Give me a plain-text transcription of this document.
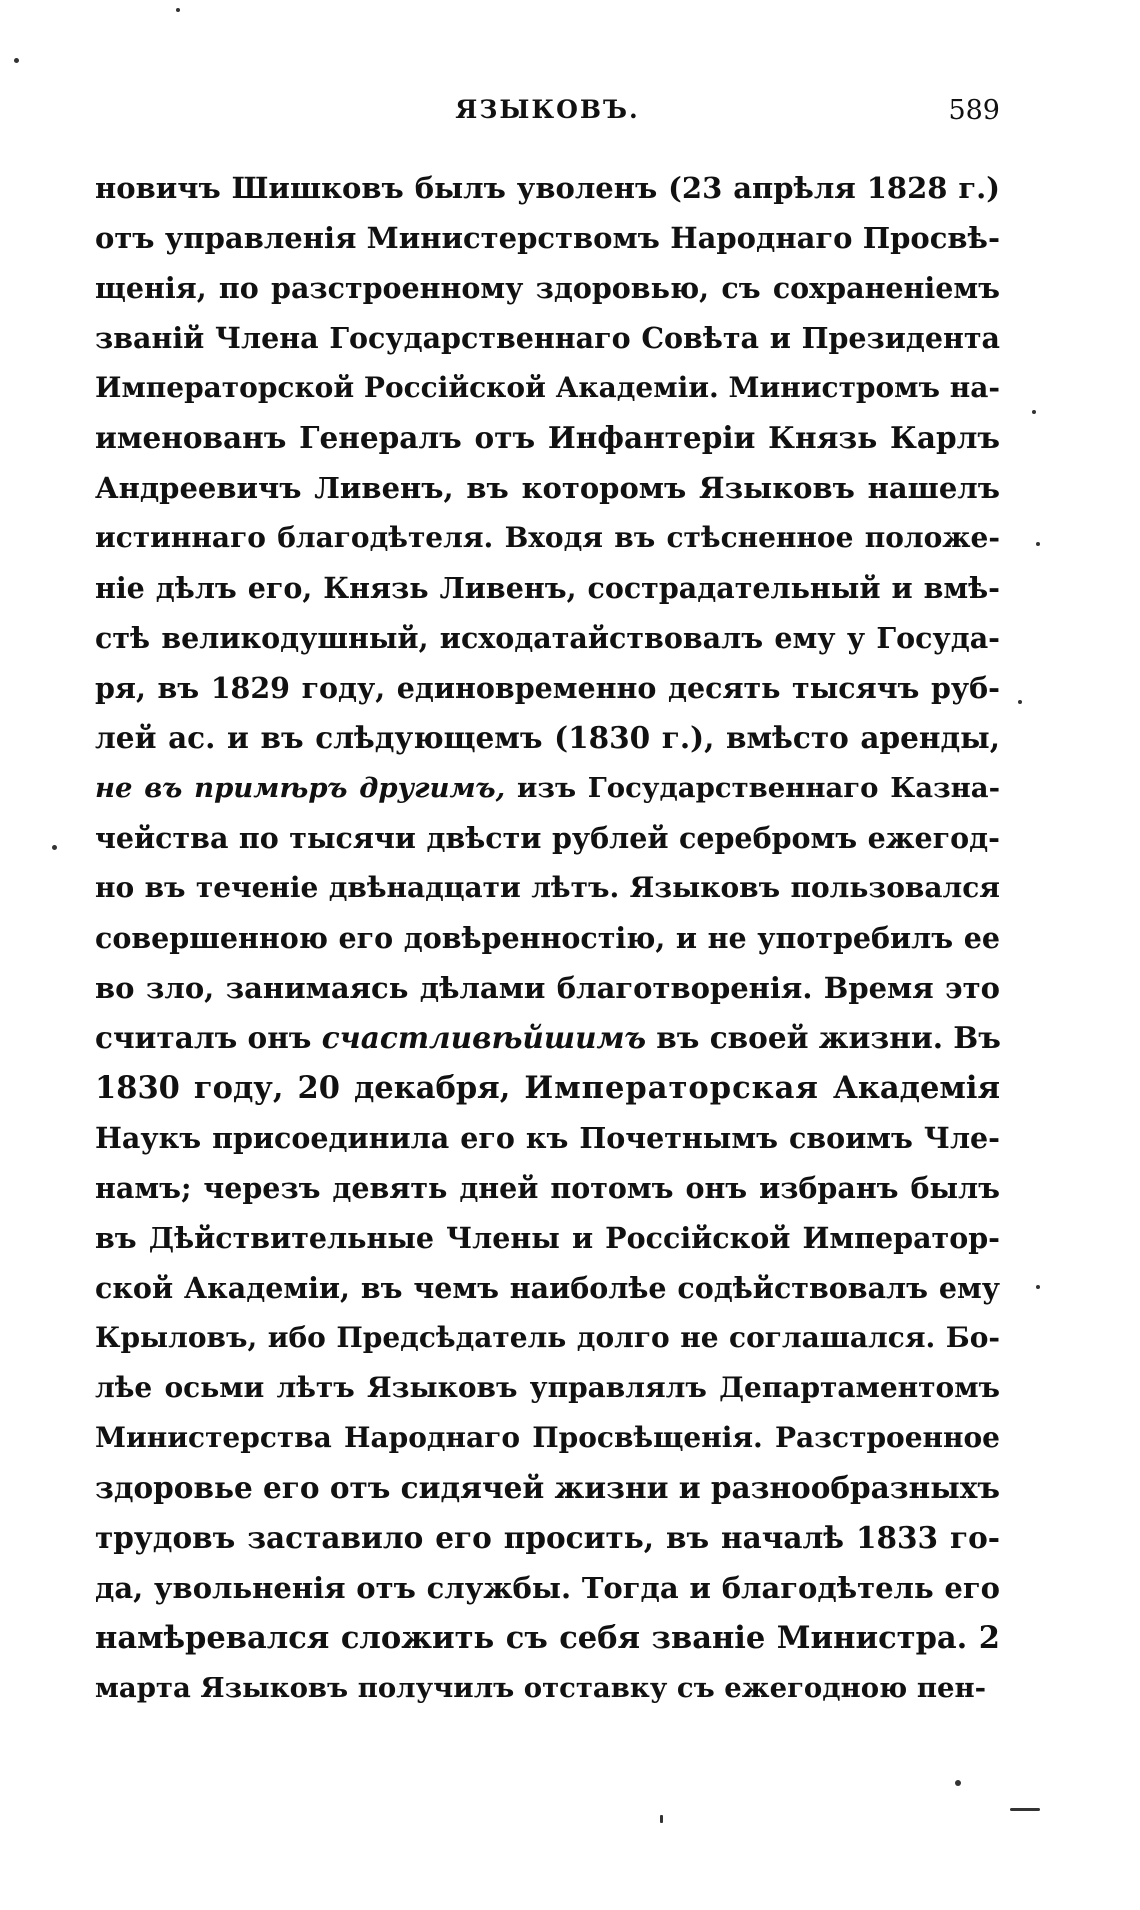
ЯЗЫКОВЪ.	589
новичъ Шишковъ былъ уволенъ (23 апрѣля 1828 г.)
отъ управленія Министерствомъ Народнаго Просвѣ-
щенія, по разстроенному здоровью, съ сохраненіемъ
званій Члена Государственнаго Совѣта и Президента
Императорской Россійской Академіи. Министромъ на-
именованъ Генералъ отъ Инфантеріи Князь Карлъ
Андреевичъ Ливенъ, въ которомъ Языковъ нашелъ
истиннаго благодѣтеля. Входя въ стѣсненное положе-
ніе дѣлъ его, Князь Ливенъ, сострадательный и вмѣ-
стѣ великодушный, исходатайствовалъ ему у Госуда-
ря, въ 1829 году, единовременно десять тысячъ руб-
лей ас. и въ слѣдующемъ (1830 г.), вмѣсто аренды,
не въ примѣръ другимъ, изъ Государственнаго Казна-
чейства по тысячи двѣсти рублей серебромъ ежегод-
но въ теченіе двѣнадцати лѣтъ. Языковъ пользовался
совершенною его довѣренностію, и не употребилъ ее
во зло, занимаясь дѣлами благотворенія. Время это
считалъ онъ счастливѣйшимъ въ своей жизни. Въ
1830 году, 20 декабря, Императорская Академія
Наукъ присоединила его къ Почетнымъ своимъ Чле-
намъ; черезъ девять дней потомъ онъ избранъ былъ
въ Дѣйствительные Члены и Россійской Император-
ской Академіи, въ чемъ наиболѣе содѣйствовалъ ему
Крыловъ, ибо Предсѣдатель долго не соглашался. Бо-
лѣе осьми лѣтъ Языковъ управлялъ Департаментомъ
Министерства Народнаго Просвѣщенія. Разстроенное
здоровье его отъ сидячей жизни и разнообразныхъ
трудовъ заставило его просить, въ началѣ 1833 го-
да, увольненія отъ службы. Тогда и благодѣтель его
намѣревался сложить съ себя званіе Министра. 2
марта Языковъ получилъ отставку съ ежегодною пен-
